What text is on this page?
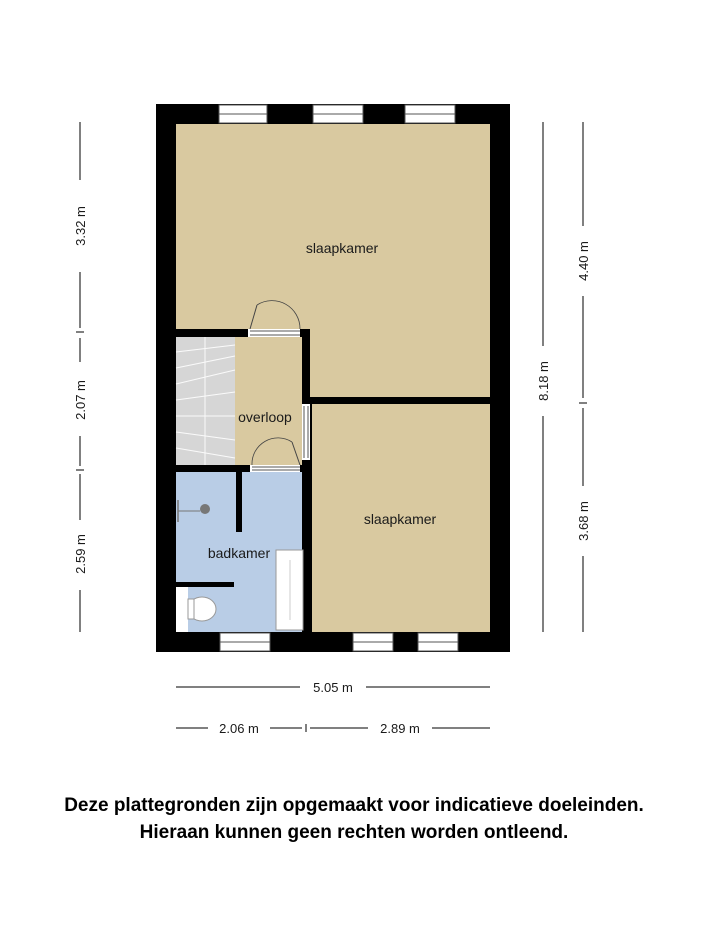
slaapkamer
slaapkamer
overloop
badkamer
3.32 m
2.07 m
2.59 m
8.18 m
4.40 m
3.68 m
5.05 m
2.06 m	2.89 m
Deze plattegronden zijn opgemaakt voor indicatieve doeleinden.
Hieraan kunnen geen rechten worden ontleend.
